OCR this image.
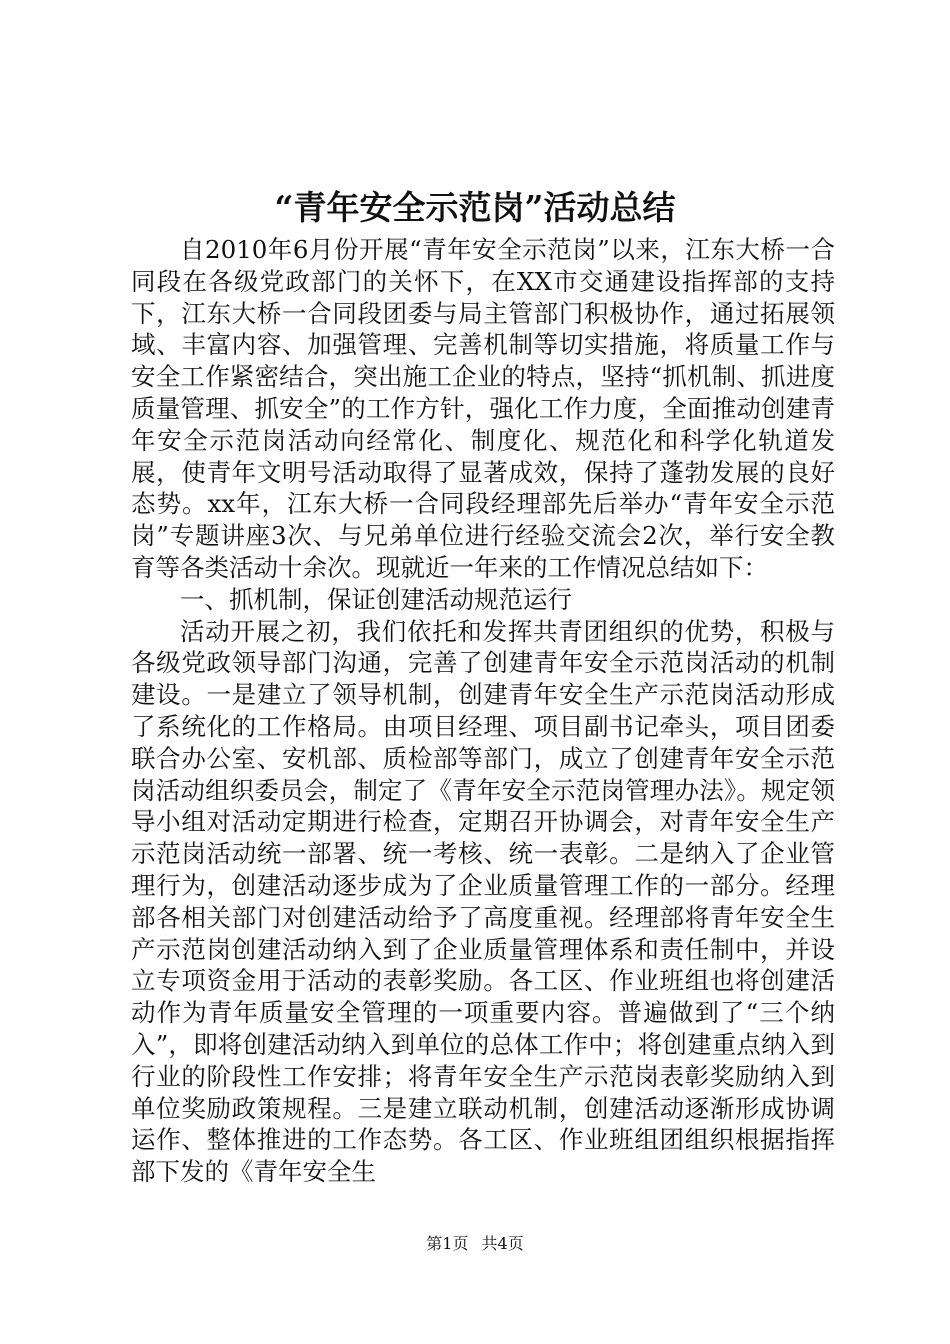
“青年安全示范岗”活动总结

自2010年6月份开展“青年安全示范岗”以来，江东大桥一合同段在各级党政部门的关怀下，在XX市交通建设指挥部的支持下，江东大桥一合同段团委与局主管部门积极协作，通过拓展领域、丰富内容、加强管理、完善机制等切实措施，将质量工作与安全工作紧密结合，突出施工企业的特点，坚持“抓机制、抓进度质量管理、抓安全”的工作方针，强化工作力度，全面推动创建青年安全示范岗活动向经常化、制度化、规范化和科学化轨道发展，使青年文明号活动取得了显著成效，保持了蓬勃发展的良好态势。xx年，江东大桥一合同段经理部先后举办“青年安全示范岗”专题讲座3次、与兄弟单位进行经验交流会2次，举行安全教育等各类活动十余次。现就近一年来的工作情况总结如下：

一、抓机制，保证创建活动规范运行

活动开展之初，我们依托和发挥共青团组织的优势，积极与各级党政领导部门沟通，完善了创建青年安全示范岗活动的机制建设。一是建立了领导机制，创建青年安全生产示范岗活动形成了系统化的工作格局。由项目经理、项目副书记牵头，项目团委联合办公室、安机部、质检部等部门，成立了创建青年安全示范岗活动组织委员会，制定了《青年安全示范岗管理办法》。规定领导小组对活动定期进行检查，定期召开协调会，对青年安全生产示范岗活动统一部署、统一考核、统一表彰。二是纳入了企业管理行为，创建活动逐步成为了企业质量管理工作的一部分。经理部各相关部门对创建活动给予了高度重视。经理部将青年安全生产示范岗创建活动纳入到了企业质量管理体系和责任制中，并设立专项资金用于活动的表彰奖励。各工区、作业班组也将创建活动作为青年质量安全管理的一项重要内容。普遍做到了“三个纳入”，即将创建活动纳入到单位的总体工作中；将创建重点纳入到行业的阶段性工作安排；将青年安全生产示范岗表彰奖励纳入到单位奖励政策规程。三是建立联动机制，创建活动逐渐形成协调运作、整体推进的工作态势。各工区、作业班组团组织根据指挥部下发的《青年安全生

第1页 共4页
